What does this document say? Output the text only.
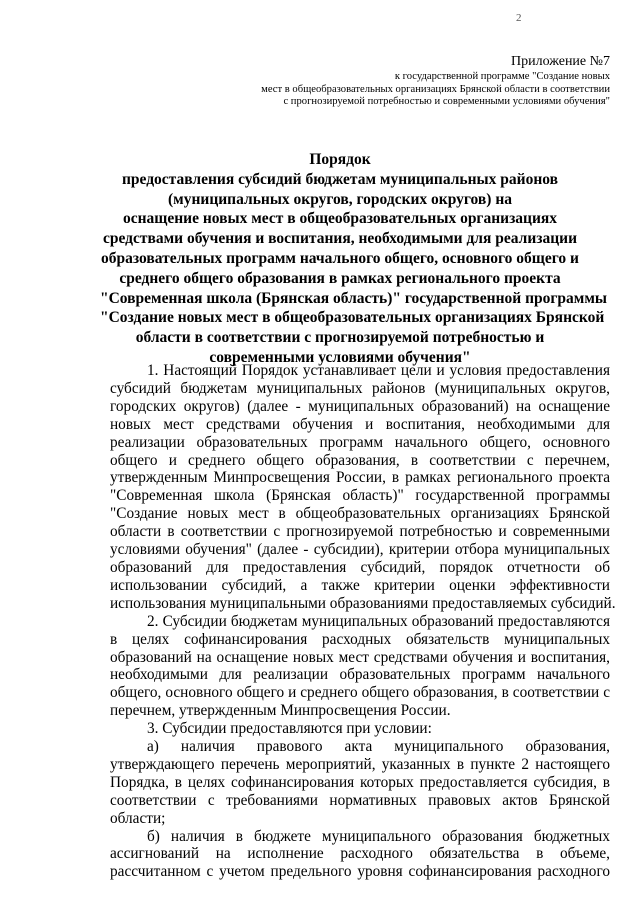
2
Приложение №7
к государственной программе "Создание новых
мест в общеобразовательных организациях Брянской области в соответствии
с прогнозируемой потребностью и современными условиями обучения"
Порядок
предоставления субсидий бюджетам муниципальных районов
(муниципальных округов, городских округов) на
оснащение новых мест в общеобразовательных организациях
средствами обучения и воспитания, необходимыми для реализации
образовательных программ начального общего, основного общего и
среднего общего образования в рамках регионального проекта
"Современная школа (Брянская область)" государственной программы
"Создание новых мест в общеобразовательных организациях Брянской
области в соответствии с прогнозируемой потребностью и
современными условиями обучения"
1. Настоящий Порядок устанавливает цели и условия предоставления
субсидий бюджетам муниципальных районов (муниципальных округов,
городских округов) (далее - муниципальных образований) на оснащение
новых мест средствами обучения и воспитания, необходимыми для
реализации образовательных программ начального общего, основного
общего и среднего общего образования, в соответствии с перечнем,
утвержденным Минпросвещения России, в рамках регионального проекта
"Современная школа (Брянская область)" государственной программы
"Создание новых мест в общеобразовательных организациях Брянской
области в соответствии с прогнозируемой потребностью и современными
условиями обучения" (далее - субсидии), критерии отбора муниципальных
образований для предоставления субсидий, порядок отчетности об
использовании субсидий, а также критерии оценки эффективности
использования муниципальными образованиями предоставляемых субсидий.
2. Субсидии бюджетам муниципальных образований предоставляются
в целях софинансирования расходных обязательств муниципальных
образований на оснащение новых мест средствами обучения и воспитания,
необходимыми для реализации образовательных программ начального
общего, основного общего и среднего общего образования, в соответствии с
перечнем, утвержденным Минпросвещения России.
3. Субсидии предоставляются при условии:
а) наличия правового акта муниципального образования,
утверждающего перечень мероприятий, указанных в пункте 2 настоящего
Порядка, в целях софинансирования которых предоставляется субсидия, в
соответствии с требованиями нормативных правовых актов Брянской
области;
б) наличия в бюджете муниципального образования бюджетных
ассигнований на исполнение расходного обязательства в объеме,
рассчитанном с учетом предельного уровня софинансирования расходного
